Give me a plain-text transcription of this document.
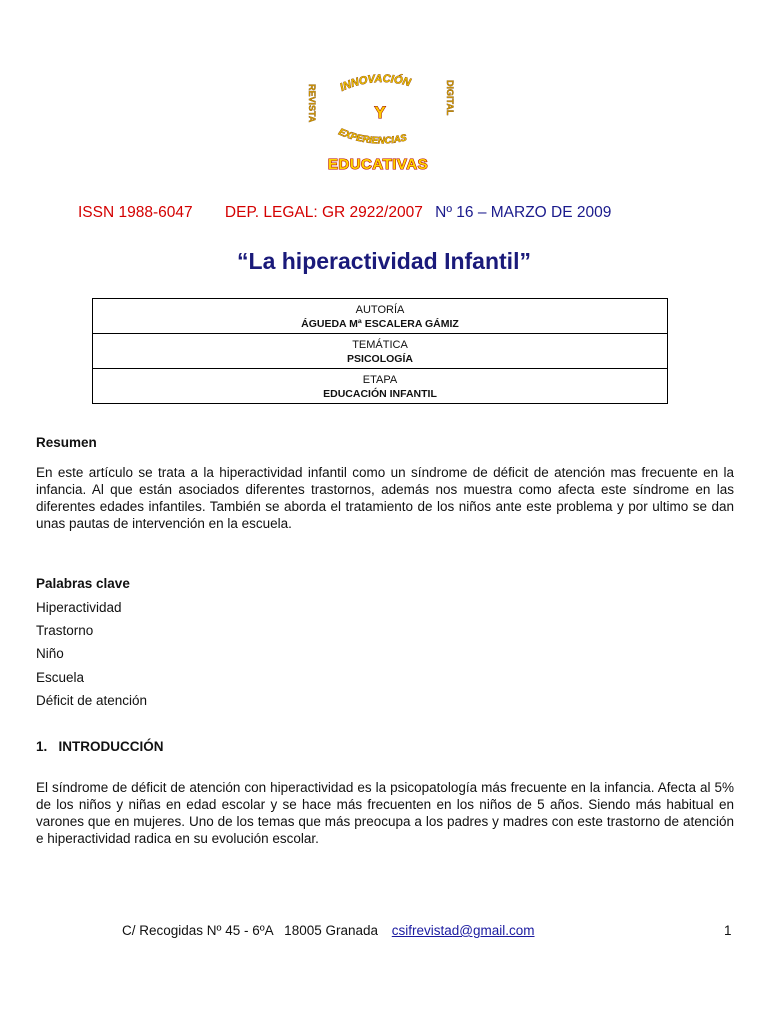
INNOVACIÓN
Y
EXPERIENCIAS
EDUCATIVAS
REVISTA	DIGITAL
ISSN 1988-6047 DEP. LEGAL: GR 2922/2007 Nº 16 – MARZO DE 2009
“La hiperactividad Infantil”
AUTORÍA
ÁGUEDA Mª ESCALERA GÁMIZ
TEMÁTICA
PSICOLOGÍA
ETAPA
EDUCACIÓN INFANTIL
Resumen
En este artículo se trata a la hiperactividad infantil como un síndrome de déficit de atención mas frecuente en la infancia. Al que están asociados diferentes trastornos, además nos muestra como afecta este síndrome en las diferentes edades infantiles. También se aborda el tratamiento de los niños ante este problema y por ultimo se dan unas pautas de intervención en la escuela.
Palabras clave
Hiperactividad
Trastorno
Niño
Escuela
Déficit de atención
1.   INTRODUCCIÓN
El síndrome de déficit de atención con hiperactividad es la psicopatología más frecuente en la infancia. Afecta al 5% de los niños y niñas en edad escolar y se hace más frecuenten en los niños de 5 años. Siendo más habitual en varones que en mujeres. Uno de los temas que más preocupa a los padres y madres con este trastorno de atención e hiperactividad radica en su evolución escolar.
C/ Recogidas Nº 45 - 6ºA   18005 Granada csifrevistad@gmail.com	1
